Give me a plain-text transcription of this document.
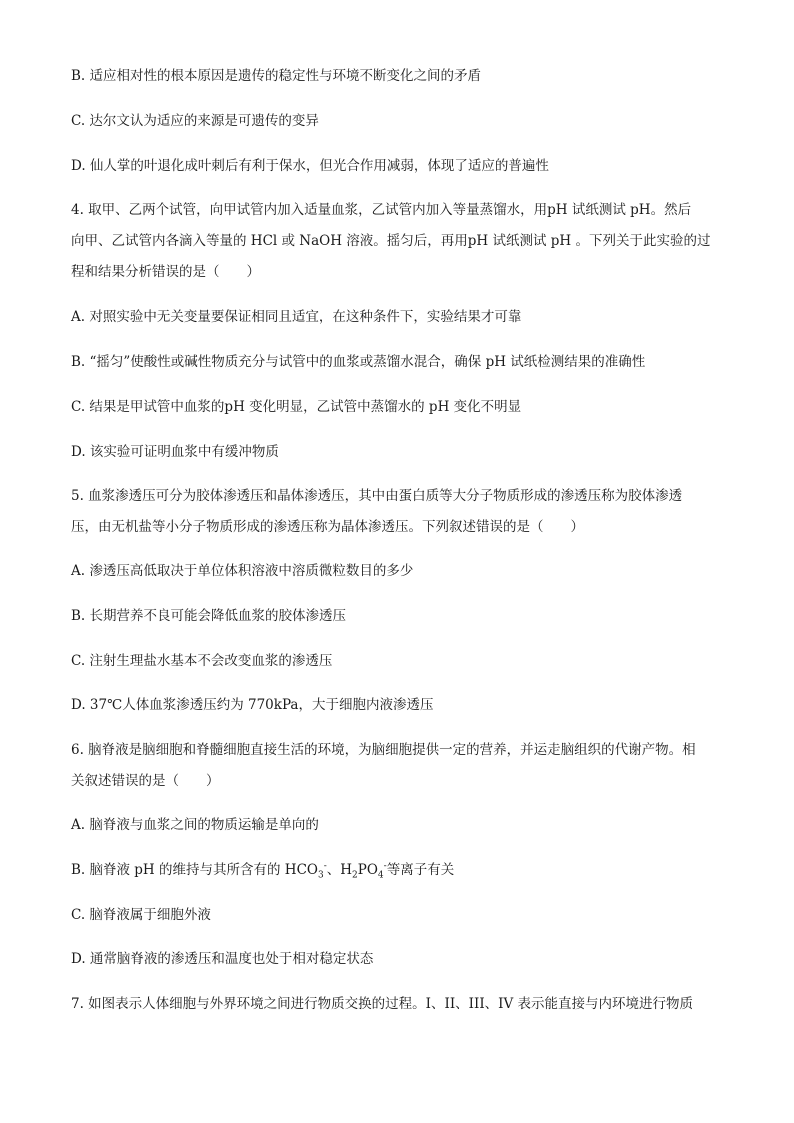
B. 适应相对性的根本原因是遗传的稳定性与环境不断变化之间的矛盾
C. 达尔文认为适应的来源是可遗传的变异
D. 仙人掌的叶退化成叶刺后有利于保水，但光合作用减弱，体现了适应的普遍性
4. 取甲、乙两个试管，向甲试管内加入适量血浆，乙试管内加入等量蒸馏水，用pH 试纸测试 pH。然后
向甲、乙试管内各滴入等量的 HCl 或 NaOH 溶液。摇匀后，再用pH 试纸测试 pH 。下列关于此实验的过
程和结果分析错误的是（　　）
A. 对照实验中无关变量要保证相同且适宜，在这种条件下，实验结果才可靠
B. “摇匀”使酸性或碱性物质充分与试管中的血浆或蒸馏水混合，确保 pH 试纸检测结果的准确性
C. 结果是甲试管中血浆的pH 变化明显，乙试管中蒸馏水的 pH 变化不明显
D. 该实验可证明血浆中有缓冲物质
5. 血浆渗透压可分为胶体渗透压和晶体渗透压，其中由蛋白质等大分子物质形成的渗透压称为胶体渗透
压，由无机盐等小分子物质形成的渗透压称为晶体渗透压。下列叙述错误的是（　　）
A. 渗透压高低取决于单位体积溶液中溶质微粒数目的多少
B. 长期营养不良可能会降低血浆的胶体渗透压
C. 注射生理盐水基本不会改变血浆的渗透压
D. 37℃人体血浆渗透压约为 770kPa，大于细胞内液渗透压
6. 脑脊液是脑细胞和脊髓细胞直接生活的环境，为脑细胞提供一定的营养，并运走脑组织的代谢产物。相
关叙述错误的是（　　）
A. 脑脊液与血浆之间的物质运输是单向的
B. 脑脊液 pH 的维持与其所含有的 $HCO_3^-$、$H_2PO_4^-$等离子有关
C. 脑脊液属于细胞外液
D. 通常脑脊液的渗透压和温度也处于相对稳定状态
7. 如图表示人体细胞与外界环境之间进行物质交换的过程。I、II、III、IV 表示能直接与内环境进行物质
